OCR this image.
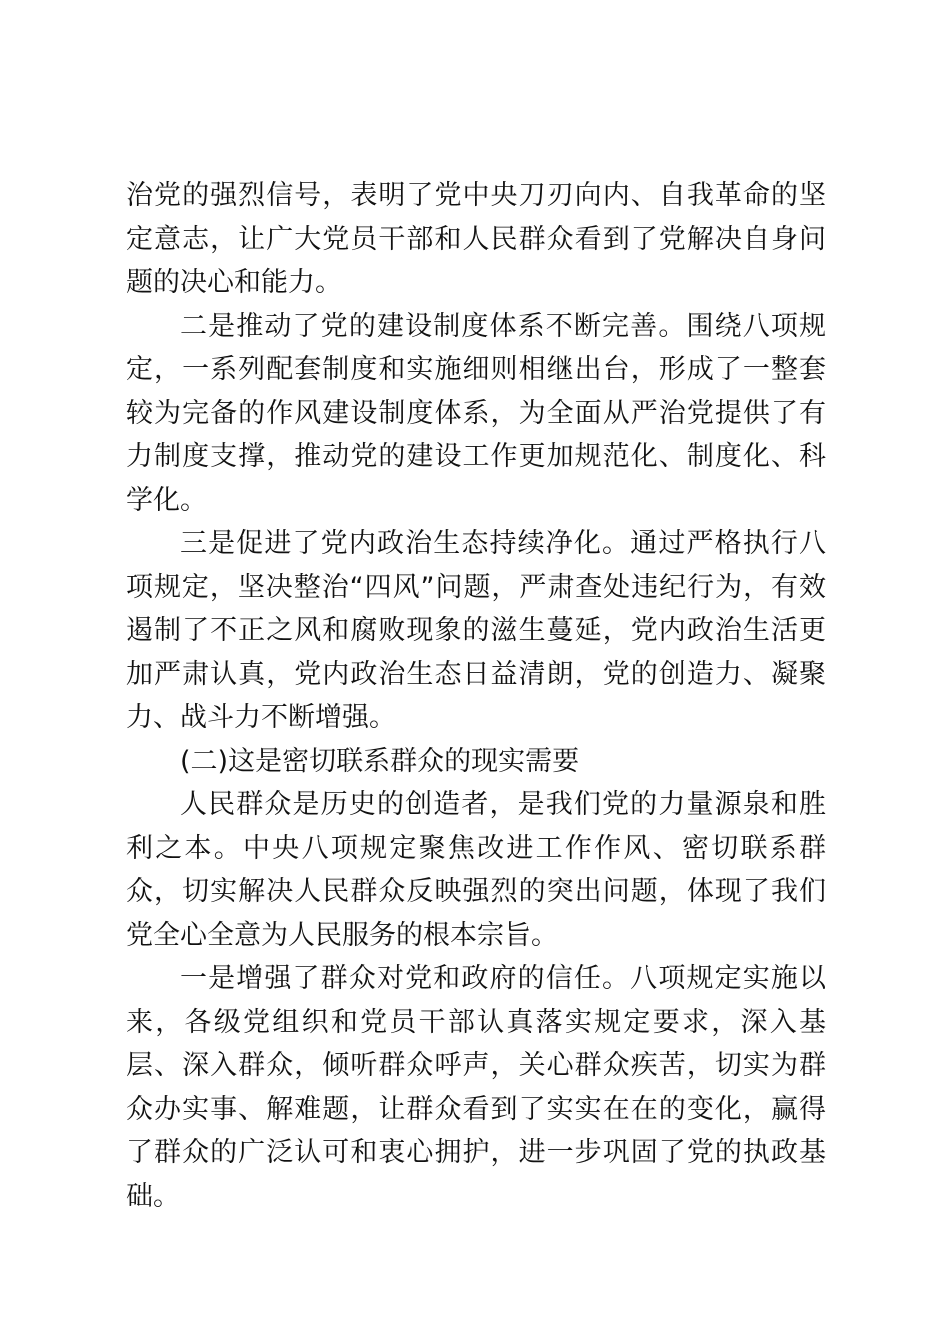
治党的强烈信号，表明了党中央刀刃向内、自我革命的坚定意志，让广大党员干部和人民群众看到了党解决自身问题的决心和能力。

二是推动了党的建设制度体系不断完善。围绕八项规定，一系列配套制度和实施细则相继出台，形成了一整套较为完备的作风建设制度体系，为全面从严治党提供了有力制度支撑，推动党的建设工作更加规范化、制度化、科学化。

三是促进了党内政治生态持续净化。通过严格执行八项规定，坚决整治“四风”问题，严肃查处违纪行为，有效遏制了不正之风和腐败现象的滋生蔓延，党内政治生活更加严肃认真，党内政治生态日益清朗，党的创造力、凝聚力、战斗力不断增强。

(二)这是密切联系群众的现实需要

人民群众是历史的创造者，是我们党的力量源泉和胜利之本。中央八项规定聚焦改进工作作风、密切联系群众，切实解决人民群众反映强烈的突出问题，体现了我们党全心全意为人民服务的根本宗旨。

一是增强了群众对党和政府的信任。八项规定实施以来，各级党组织和党员干部认真落实规定要求，深入基层、深入群众，倾听群众呼声，关心群众疾苦，切实为群众办实事、解难题，让群众看到了实实在在的变化，赢得了群众的广泛认可和衷心拥护，进一步巩固了党的执政基础。
